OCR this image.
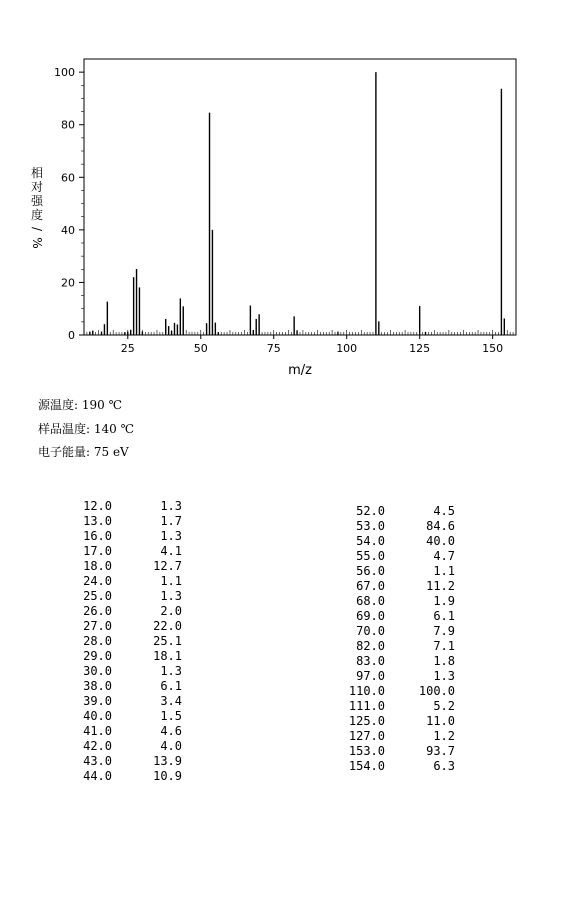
0
20
40
60
80
100
25	50	75	100	125	150
m/z
相
对
强
度
/
%
源温度: 190 ℃
样品温度: 140 ℃
电子能量: 75 eV
12.0	1.3
13.0	1.7
16.0	1.3
17.0	4.1
18.0	12.7
24.0	1.1
25.0	1.3
26.0	2.0
27.0	22.0
28.0	25.1
29.0	18.1
30.0	1.3
38.0	6.1
39.0	3.4
40.0	1.5
41.0	4.6
42.0	4.0
43.0	13.9
44.0	10.9
52.0	4.5
53.0	84.6
54.0	40.0
55.0	4.7
56.0	1.1
67.0	11.2
68.0	1.9
69.0	6.1
70.0	7.9
82.0	7.1
83.0	1.8
97.0	1.3
110.0	100.0
111.0	5.2
125.0	11.0
127.0	1.2
153.0	93.7
154.0	6.3
